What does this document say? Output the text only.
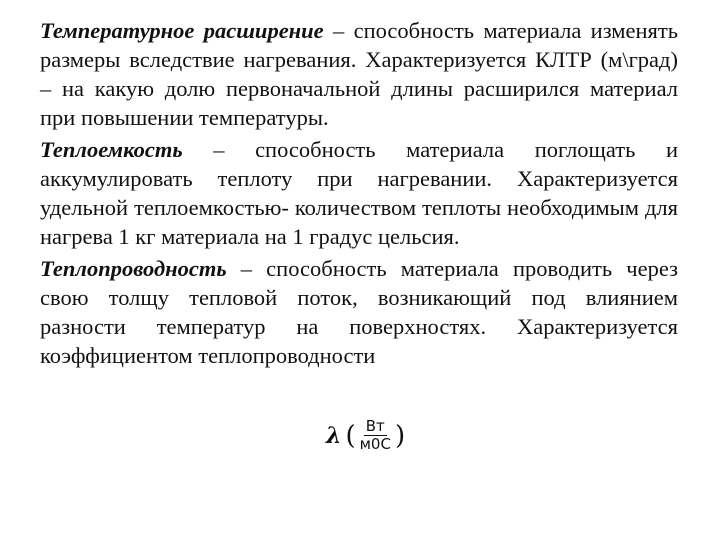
Температурное расширение – способность материала изменять размеры вследствие нагревания. Характеризуется КЛТР (м\град) – на какую долю первоначальной длины расширился материал при повышении температуры.

Теплоемкость – способность материала поглощать и аккумулировать теплоту при нагревании. Характеризуется удельной теплоемкостью- количеством теплоты необходимым для нагрева 1 кг материала на 1 градус цельсия.

Теплопроводность – способность материала проводить через свою толщу тепловой поток, возникающий под влиянием разности температур на поверхностях. Характеризуется коэффициентом теплопроводности

λ ( $\frac{Вт}{м0С}$ )
